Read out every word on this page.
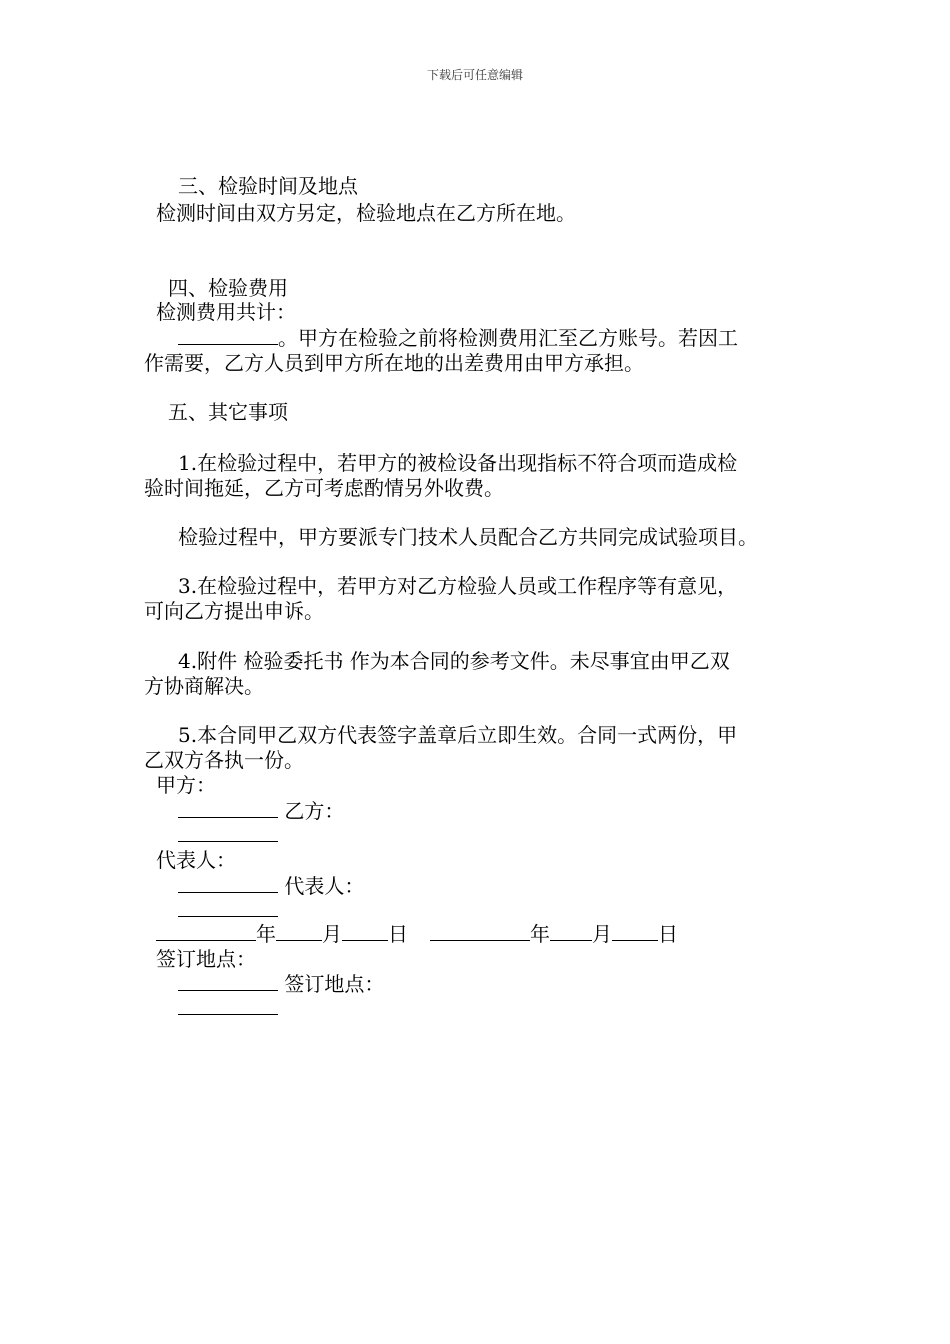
下载后可任意编辑
三、检验时间及地点
检测时间由双方另定，检验地点在乙方所在地。
四、检验费用
检测费用共计：
。甲方在检验之前将检测费用汇至乙方账号。若因工
作需要，乙方人员到甲方所在地的出差费用由甲方承担。
五、其它事项
1.在检验过程中，若甲方的被检设备出现指标不符合项而造成检
验时间拖延，乙方可考虑酌情另外收费。
检验过程中，甲方要派专门技术人员配合乙方共同完成试验项目。
3.在检验过程中，若甲方对乙方检验人员或工作程序等有意见，
可向乙方提出申诉。
4.附件 检验委托书 作为本合同的参考文件。未尽事宜由甲乙双
方协商解决。
5.本合同甲乙双方代表签字盖章后立即生效。合同一式两份，甲
乙双方各执一份。
甲方：
乙方：
代表人：
代表人：
年 月 日	年 月 日
签订地点：
签订地点：
